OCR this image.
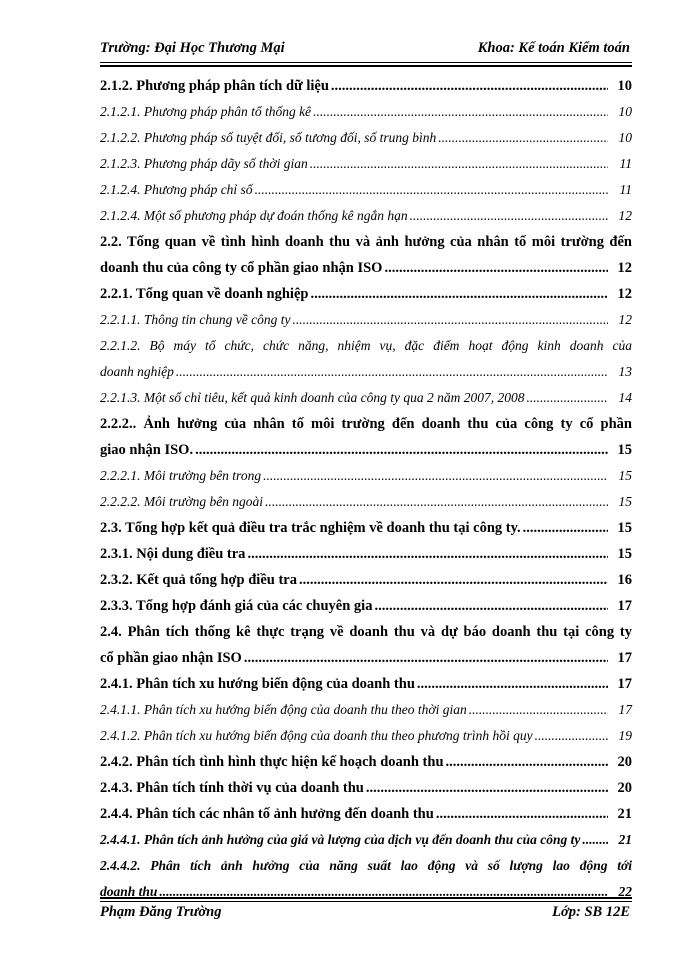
Trường: Đại Học Thương Mại	Khoa: Kế toán Kiểm toán
2.1.2. Phương pháp phân tích dữ liệu .....	10
2.1.2.1. Phương pháp phân tổ thống kê .....	10
2.1.2.2. Phương pháp số tuyệt đối, số tương đối, số trung bình .....	10
2.1.2.3. Phương pháp dãy số thời gian .....	11
2.1.2.4. Phương pháp chỉ số .....	11
2.1.2.4. Một số phương pháp dự đoán thống kê ngắn hạn .....	12
2.2. Tổng quan về tình hình doanh thu và ảnh hưởng của nhân tố môi trường đến
doanh thu của công ty cổ phần giao nhận ISO .....	12
2.2.1. Tổng quan về doanh nghiệp .....	12
2.2.1.1. Thông tin chung về công ty .....	12
2.2.1.2. Bộ máy tổ chức, chức năng, nhiệm vụ, đặc điểm hoạt động kinh doanh của
doanh nghiệp .....	13
2.2.1.3. Một số chỉ tiêu, kết quả kinh doanh của công ty qua 2 năm 2007, 2008 .....	14
2.2.2.. Ảnh hưởng của nhân tố môi trường đến doanh thu của công ty cổ phần
giao nhận ISO. .....	15
2.2.2.1. Môi trường bên trong .....	15
2.2.2.2. Môi trường bên ngoài .....	15
2.3. Tổng hợp kết quả điều tra trắc nghiệm về doanh thu tại công ty. .....	15
2.3.1. Nội dung điều tra .....	15
2.3.2. Kết quả tổng hợp điều tra .....	16
2.3.3. Tổng hợp đánh giá của các chuyên gia .....	17
2.4. Phân tích thống kê thực trạng về doanh thu và dự báo doanh thu tại công ty
cổ phần giao nhận ISO .....	17
2.4.1. Phân tích xu hướng biến động của doanh thu .....	17
2.4.1.1. Phân tích xu hướng biến động của doanh thu theo thời gian .....	17
2.4.1.2. Phân tích xu hướng biến động của doanh thu theo phương trình hồi quy .....	19
2.4.2. Phân tích tình hình thực hiện kế hoạch doanh thu .....	20
2.4.3. Phân tích tính thời vụ của doanh thu .....	20
2.4.4. Phân tích các nhân tố ảnh hưởng đến doanh thu .....	21
2.4.4.1. Phân tích ảnh hưởng của giá và lượng của dịch vụ đến doanh thu của công ty .....	21
2.4.4.2. Phân tích ảnh hưởng của năng suất lao động và số lượng lao động tới
doanh thu .....	22
Phạm Đăng Trường	Lớp: SB 12E
